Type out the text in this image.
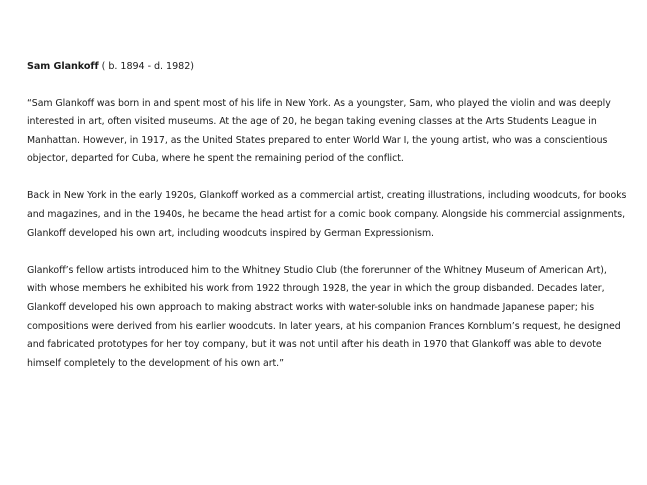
Sam Glankoff ( b. 1894 - d. 1982)

“Sam Glankoff was born in and spent most of his life in New York. As a youngster, Sam, who played the violin and was deeply interested in art, often visited museums. At the age of 20, he began taking evening classes at the Arts Students League in Manhattan. However, in 1917, as the United States prepared to enter World War I, the young artist, who was a conscientious objector, departed for Cuba, where he spent the remaining period of the conflict.

Back in New York in the early 1920s, Glankoff worked as a commercial artist, creating illustrations, including woodcuts, for books and magazines, and in the 1940s, he became the head artist for a comic book company. Alongside his commercial assignments, Glankoff developed his own art, including woodcuts inspired by German Expressionism.

Glankoff’s fellow artists introduced him to the Whitney Studio Club (the forerunner of the Whitney Museum of American Art), with whose members he exhibited his work from 1922 through 1928, the year in which the group disbanded. Decades later, Glankoff developed his own approach to making abstract works with water-soluble inks on handmade Japanese paper; his compositions were derived from his earlier woodcuts. In later years, at his companion Frances Kornblum’s request, he designed and fabricated prototypes for her toy company, but it was not until after his death in 1970 that Glankoff was able to devote himself completely to the development of his own art.”
